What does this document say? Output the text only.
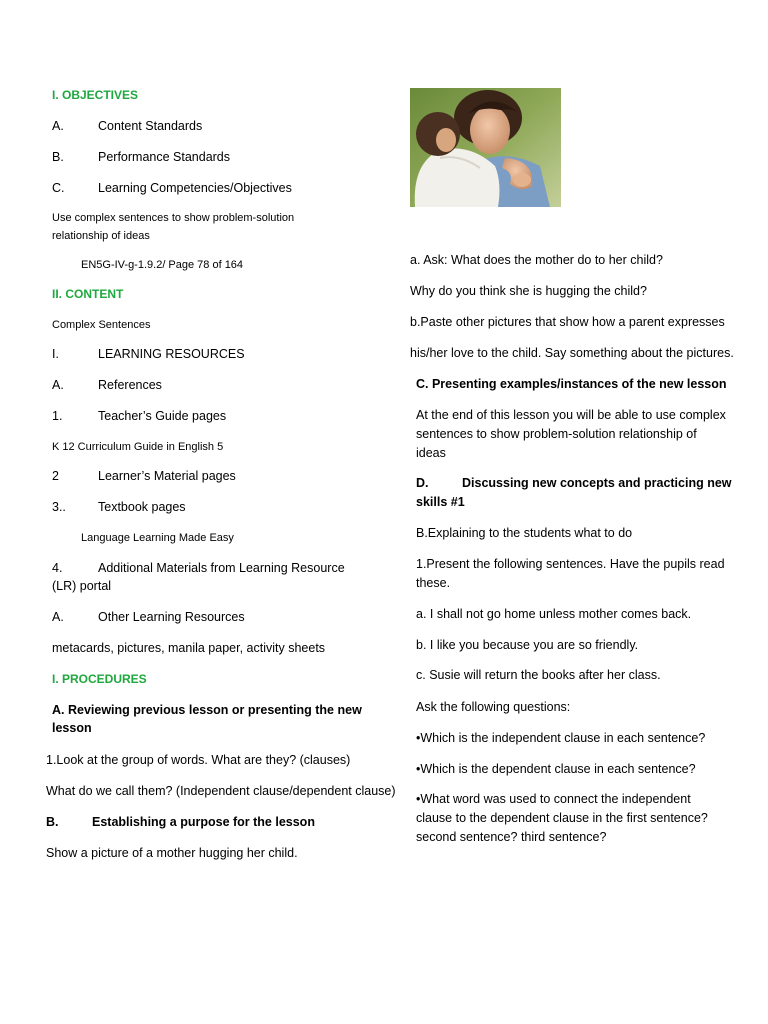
I. OBJECTIVES
A.	Content Standards
B.	Performance Standards
C.	Learning Competencies/Objectives
Use complex sentences to show problem-solution
relationship of ideas
EN5G-IV-g-1.9.2/ Page 78 of 164
II. CONTENT
Complex Sentences
I.	LEARNING RESOURCES
A.	References
1.	Teacher’s Guide pages
K 12 Curriculum Guide in English 5
2	Learner’s Material pages
3..	Textbook pages
Language Learning Made Easy
4.	Additional Materials from Learning Resource
(LR) portal
A.	Other Learning Resources
metacards, pictures, manila paper, activity sheets
I. PROCEDURES
A. Reviewing previous lesson or presenting the new
lesson
1.Look at the group of words. What are they? (clauses)
What do we call them? (Independent clause/dependent clause)
B.	Establishing a purpose for the lesson
Show a picture of a mother hugging her child.
a. Ask: What does the mother do to her child?
Why do you think she is hugging the child?
b.Paste other pictures that show how a parent expresses
his/her love to the child. Say something about the pictures.
C. Presenting examples/instances of the new lesson
At the end of this lesson you will be able to use complex
sentences to show problem-solution relationship of
ideas
D.	Discussing new concepts and practicing new
skills #1
B.Explaining to the students what to do
1.Present the following sentences. Have the pupils read
these.
a. I shall not go home unless mother comes back.
b. I like you because you are so friendly.
c. Susie will return the books after her class.
Ask the following questions:
•Which is the independent clause in each sentence?
•Which is the dependent clause in each sentence?
•What word was used to connect the independent
clause to the dependent clause in the first sentence?
second sentence? third sentence?
